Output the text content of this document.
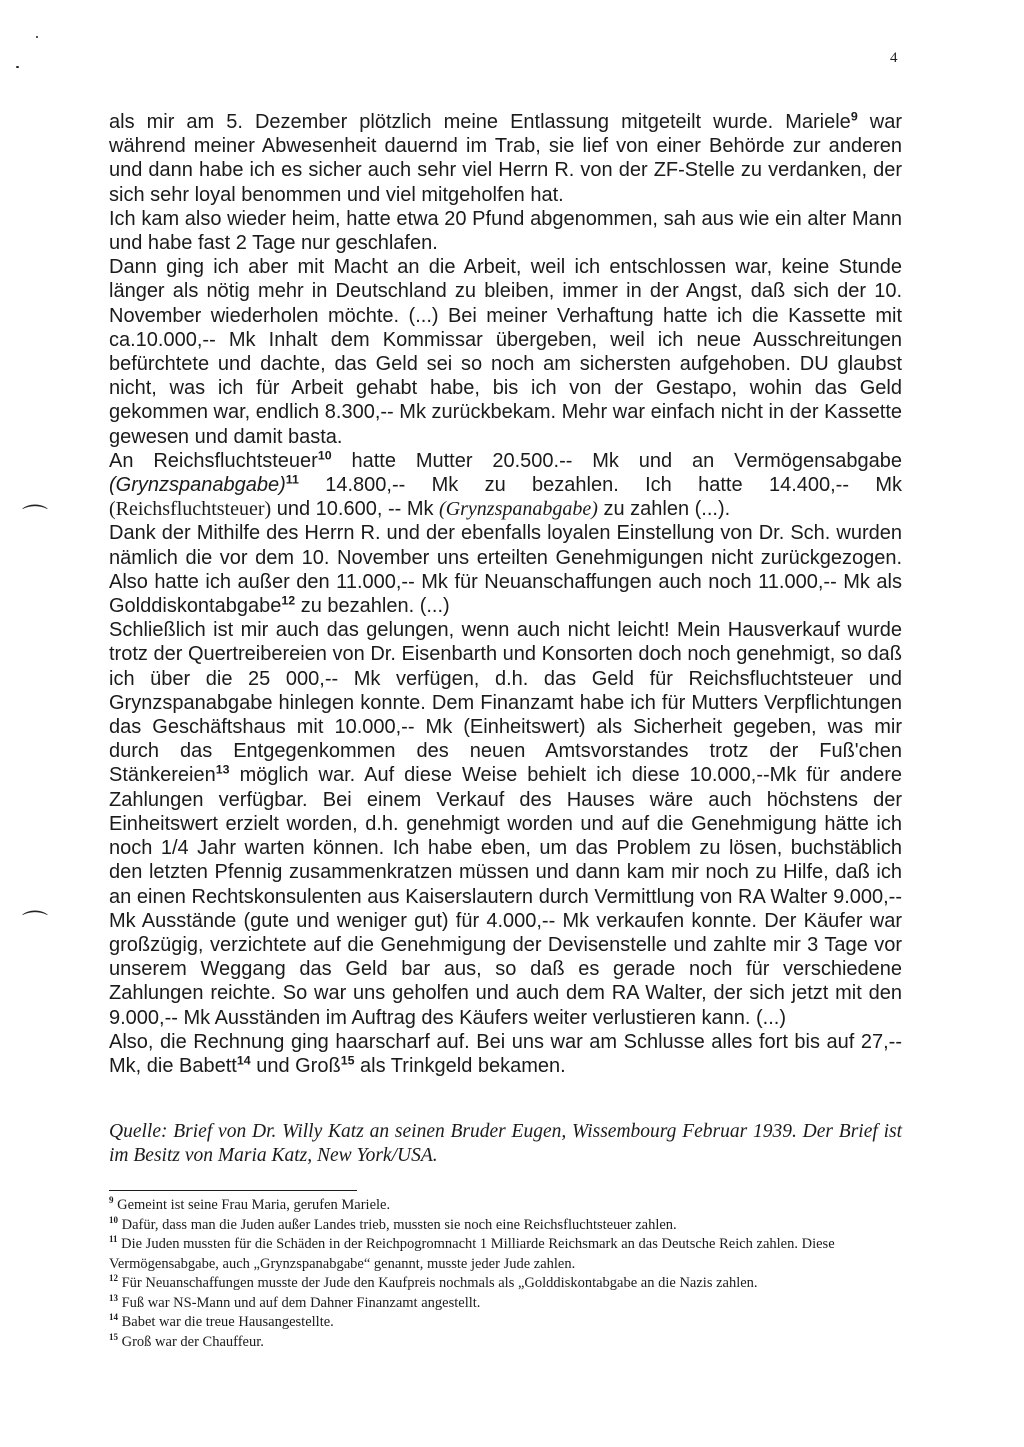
4
⌒
⌒

als mir am 5. Dezember plötzlich meine Entlassung mitgeteilt wurde. Mariele$^9$ war während meiner Abwesenheit dauernd im Trab, sie lief von einer Behörde zur anderen und dann habe ich es sicher auch sehr viel Herrn R. von der ZF-Stelle zu verdanken, der sich sehr loyal benommen und viel mitgeholfen hat.

Ich kam also wieder heim, hatte etwa 20 Pfund abgenommen, sah aus wie ein alter Mann und habe fast 2 Tage nur geschlafen.

Dann ging ich aber mit Macht an die Arbeit, weil ich entschlossen war, keine Stunde länger als nötig mehr in Deutschland zu bleiben, immer in der Angst, daß sich der 10. November wiederholen möchte. (...) Bei meiner Verhaftung hatte ich die Kassette mit ca.10.000,-- Mk Inhalt dem Kommissar übergeben, weil ich neue Ausschreitungen befürchtete und dachte, das Geld sei so noch am sichersten aufgehoben. DU glaubst nicht, was ich für Arbeit gehabt habe, bis ich von der Gestapo, wohin das Geld gekommen war, endlich 8.300,-- Mk zurückbekam. Mehr war einfach nicht in der Kassette gewesen und damit basta.

An Reichsfluchtsteuer$^{10}$ hatte Mutter 20.500.-- Mk und an Vermögensabgabe (Grynzspanabgabe)$^{11}$ 14.800,-- Mk zu bezahlen. Ich hatte 14.400,-- Mk (Reichsfluchtsteuer) und 10.600, -- Mk (Grynzspanabgabe) zu zahlen (...).

Dank der Mithilfe des Herrn R. und der ebenfalls loyalen Einstellung von Dr. Sch. wurden nämlich die vor dem 10. November uns erteilten Genehmigungen nicht zurückgezogen. Also hatte ich außer den 11.000,-- Mk für Neuanschaffungen auch noch 11.000,-- Mk als Golddiskontabgabe$^{12}$ zu bezahlen. (...)

Schließlich ist mir auch das gelungen, wenn auch nicht leicht! Mein Hausverkauf wurde trotz der Quertreibereien von Dr. Eisenbarth und Konsorten doch noch genehmigt, so daß ich über die 25 000,-- Mk verfügen, d.h. das Geld für Reichsfluchtsteuer und Grynzspanabgabe hinlegen konnte. Dem Finanzamt habe ich für Mutters Verpflichtungen das Geschäftshaus mit 10.000,-- Mk (Einheitswert) als Sicherheit gegeben, was mir durch das Entgegenkommen des neuen Amtsvorstandes trotz der Fuß'chen Stänkereien$^{13}$ möglich war. Auf diese Weise behielt ich diese 10.000,--Mk für andere Zahlungen verfügbar. Bei einem Verkauf des Hauses wäre auch höchstens der Einheitswert erzielt worden, d.h. genehmigt worden und auf die Genehmigung hätte ich noch 1/4 Jahr warten können. Ich habe eben, um das Problem zu lösen, buchstäblich den letzten Pfennig zusammenkratzen müssen und dann kam mir noch zu Hilfe, daß ich an einen Rechtskonsulenten aus Kaiserslautern durch Vermittlung von RA Walter 9.000,-- Mk Ausstände (gute und weniger gut) für 4.000,-- Mk verkaufen konnte. Der Käufer war großzügig, verzichtete auf die Genehmigung der Devisenstelle und zahlte mir 3 Tage vor unserem Weggang das Geld bar aus, so daß es gerade noch für verschiedene Zahlungen reichte. So war uns geholfen und auch dem RA Walter, der sich jetzt mit den 9.000,-- Mk Ausständen im Auftrag des Käufers weiter verlustieren kann. (...)

Also, die Rechnung ging haarscharf auf. Bei uns war am Schlusse alles fort bis auf 27,-- Mk, die Babett$^{14}$ und Groß$^{15}$ als Trinkgeld bekamen.

Quelle: Brief von Dr. Willy Katz an seinen Bruder Eugen, Wissembourg Februar 1939. Der Brief ist im Besitz von Maria Katz, New York/USA.

$^9$ Gemeint ist seine Frau Maria, gerufen Mariele.

$^{10}$ Dafür, dass man die Juden außer Landes trieb, mussten sie noch eine Reichsfluchtsteuer zahlen.

$^{11}$ Die Juden mussten für die Schäden in der Reichpogromnacht 1 Milliarde Reichsmark an das Deutsche Reich zahlen. Diese Vermögensabgabe, auch „Grynzspanabgabe“ genannt, musste jeder Jude zahlen.

$^{12}$ Für Neuanschaffungen musste der Jude den Kaufpreis nochmals als „Golddiskontabgabe an die Nazis zahlen.

$^{13}$ Fuß war NS-Mann und auf dem Dahner Finanzamt angestellt.

$^{14}$ Babet war die treue Hausangestellte.

$^{15}$ Groß war der Chauffeur.
